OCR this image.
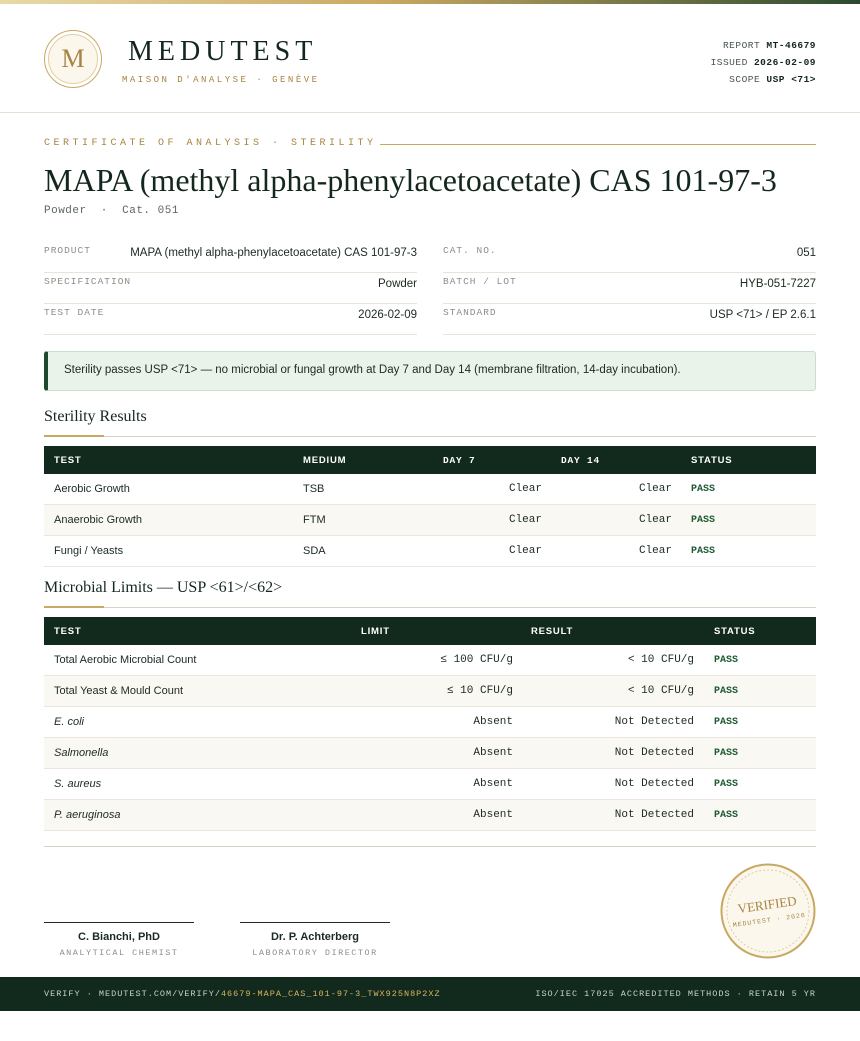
M	MEDUTEST
MAISON D'ANALYSE · GENÈVE
REPORT MT-46679
ISSUED 2026-02-09
SCOPE USP <71>
CERTIFICATE OF ANALYSIS · STERILITY
MAPA (methyl alpha-phenylacetoacetate) CAS 101-97-3
Powder  ·  Cat. 051
PRODUCT	MAPA (methyl alpha-phenylacetoacetate) CAS 101-97-3
SPECIFICATION	Powder
TEST DATE	2026-02-09
CAT. NO.	051
BATCH / LOT	HYB-051-7227
STANDARD	USP <71> / EP 2.6.1
Sterility passes USP <71> — no microbial or fungal growth at Day 7 and Day 14 (membrane filtration, 14-day incubation).
Sterility Results
TEST	MEDIUM	DAY 7	DAY 14	STATUS
Aerobic Growth	TSB	Clear	Clear PASS
Anaerobic Growth	FTM	Clear	Clear PASS
Fungi / Yeasts	SDA	Clear	Clear PASS
Microbial Limits — USP <61>/<62>
TEST	LIMIT	RESULT	STATUS
Total Aerobic Microbial Count	≤ 100 CFU/g	< 10 CFU/g PASS
Total Yeast & Mould Count	≤ 10 CFU/g	< 10 CFU/g PASS
E. coli	Absent	Not Detected PASS
Salmonella	Absent	Not Detected PASS
S. aureus	Absent	Not Detected PASS
P. aeruginosa	Absent	Not Detected PASS
C. Bianchi, PhD
ANALYTICAL CHEMIST
Dr. P. Achterberg
LABORATORY DIRECTOR
VERIFIED
MEDUTEST · 2026
VERIFY · MEDUTEST.COM/VERIFY/46679-MAPA_CAS_101-97-3_TWX925N8P2XZ	ISO/IEC 17025 ACCREDITED METHODS · RETAIN 5 YR
